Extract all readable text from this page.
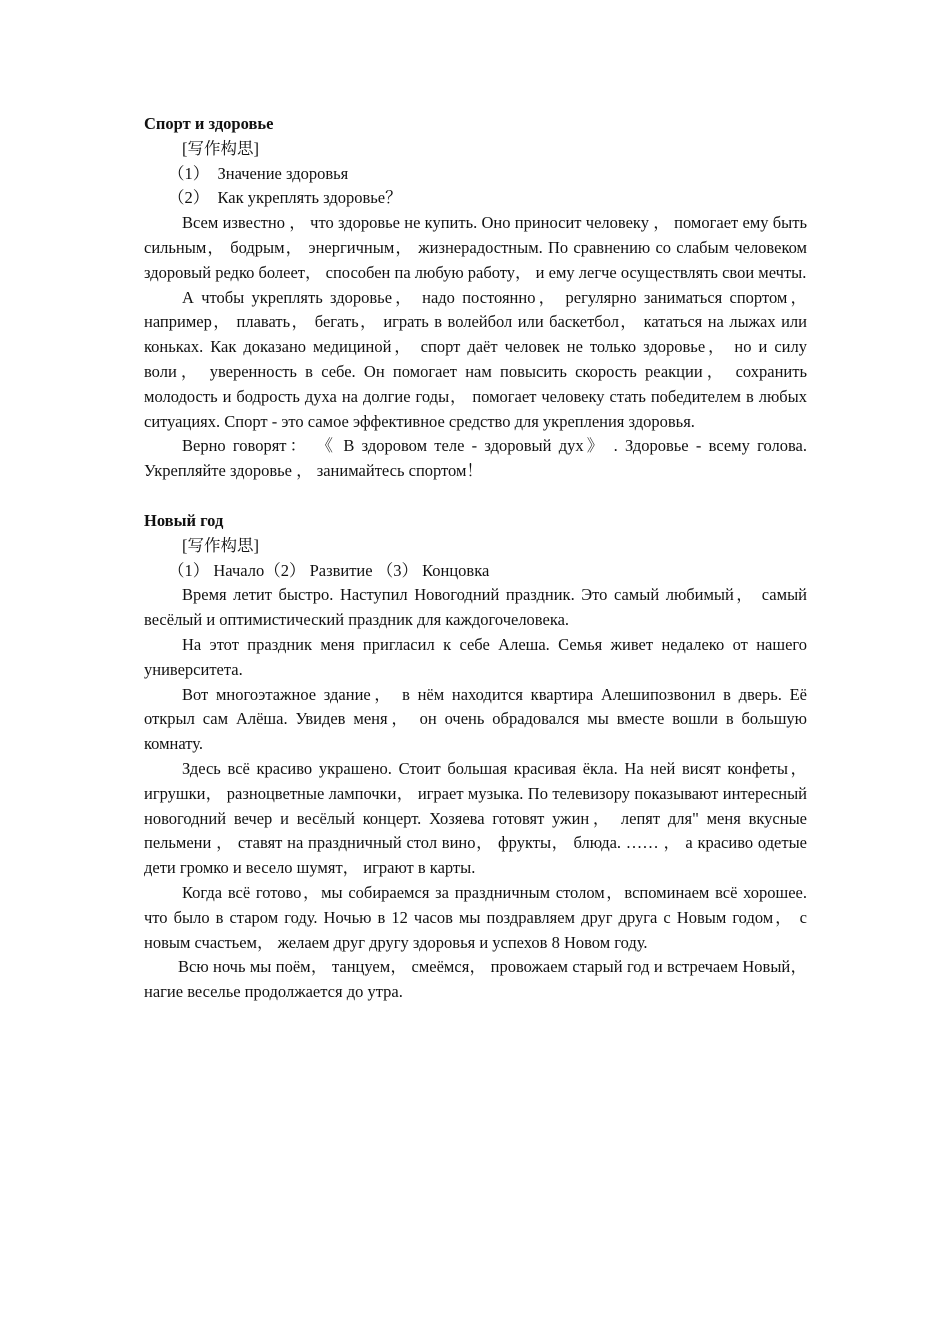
Спорт и здоровье

[写作构思]

（1）  Значение здоровья

（2）  Как укреплять здоровье？

Всем известно ， что здоровье не купить. Оно приносит человеку ， помогает ему быть сильным， бодрым， энергичным， жизнерадостным. По сравнению со слабым человеком здоровый редко болеет， способен па любую работу， и ему легче осуществлять свои мечты.

А чтобы укреплять здоровье， надо постоянно， регулярно заниматься спортом， например， плавать， бегать， играть в волейбол или баскетбол， кататься на лыжах или коньках. Как доказано медициной， спорт даёт человек не только здоровье， но и силу воли， уверенность в себе. Он помогает нам повысить скорость реакции， сохранить молодость и бодрость духа на долгие годы， помогает человеку стать победителем в любых ситуациях. Спорт - это самое эффективное средство для укрепления здоровья.

Верно говорят： 《 В здоровом теле - здоровый дух》 . Здоровье - всему голова. Укрепляйте здоровье ， занимайтесь спортом！

Новый год

[写作构思]

（1） Начало（2） Развитие （3） Концовка

Время летит быстро. Наступил Новогодний праздник. Это самый любимый， самый весёлый и оптимистический праздник для каждогочеловека.

На этот праздник меня пригласил к себе Алеша. Семья живет недалеко от нашего университета.

Вот многоэтажное здание， в нём находится квартира Алешипозвонил в дверь. Её открыл сам Алёша. Увидев меня， он очень обрадовался мы вместе вошли в большую комнату.

Здесь всё красиво украшено. Стоит большая красивая ёкла. На ней висят конфеты， игрушки， разноцветные лампочки， играет музыка. По телевизору показывают интересный новогодний вечер и весёлый концерт. Хозяева готовят ужин， лепят для" меня вкусные пельмени ， ставят на праздничный стол вино， фрукты， блюда. …… ， а красиво одетые дети громко и весело шумят， играют в карты.

Когда всё готово，мы собираемся за праздничным столом，вспоминаем всё хорошее. что было в старом году. Ночью в 12 часов мы поздравляем друг друга с Новым годом， с новым счастьем， желаем друг другу здоровья и успехов 8 Новом году.

Всю ночь мы поём， танцуем， смеёмся， провожаем старый год и встречаем Новый， нагие веселье продолжается до утра.
